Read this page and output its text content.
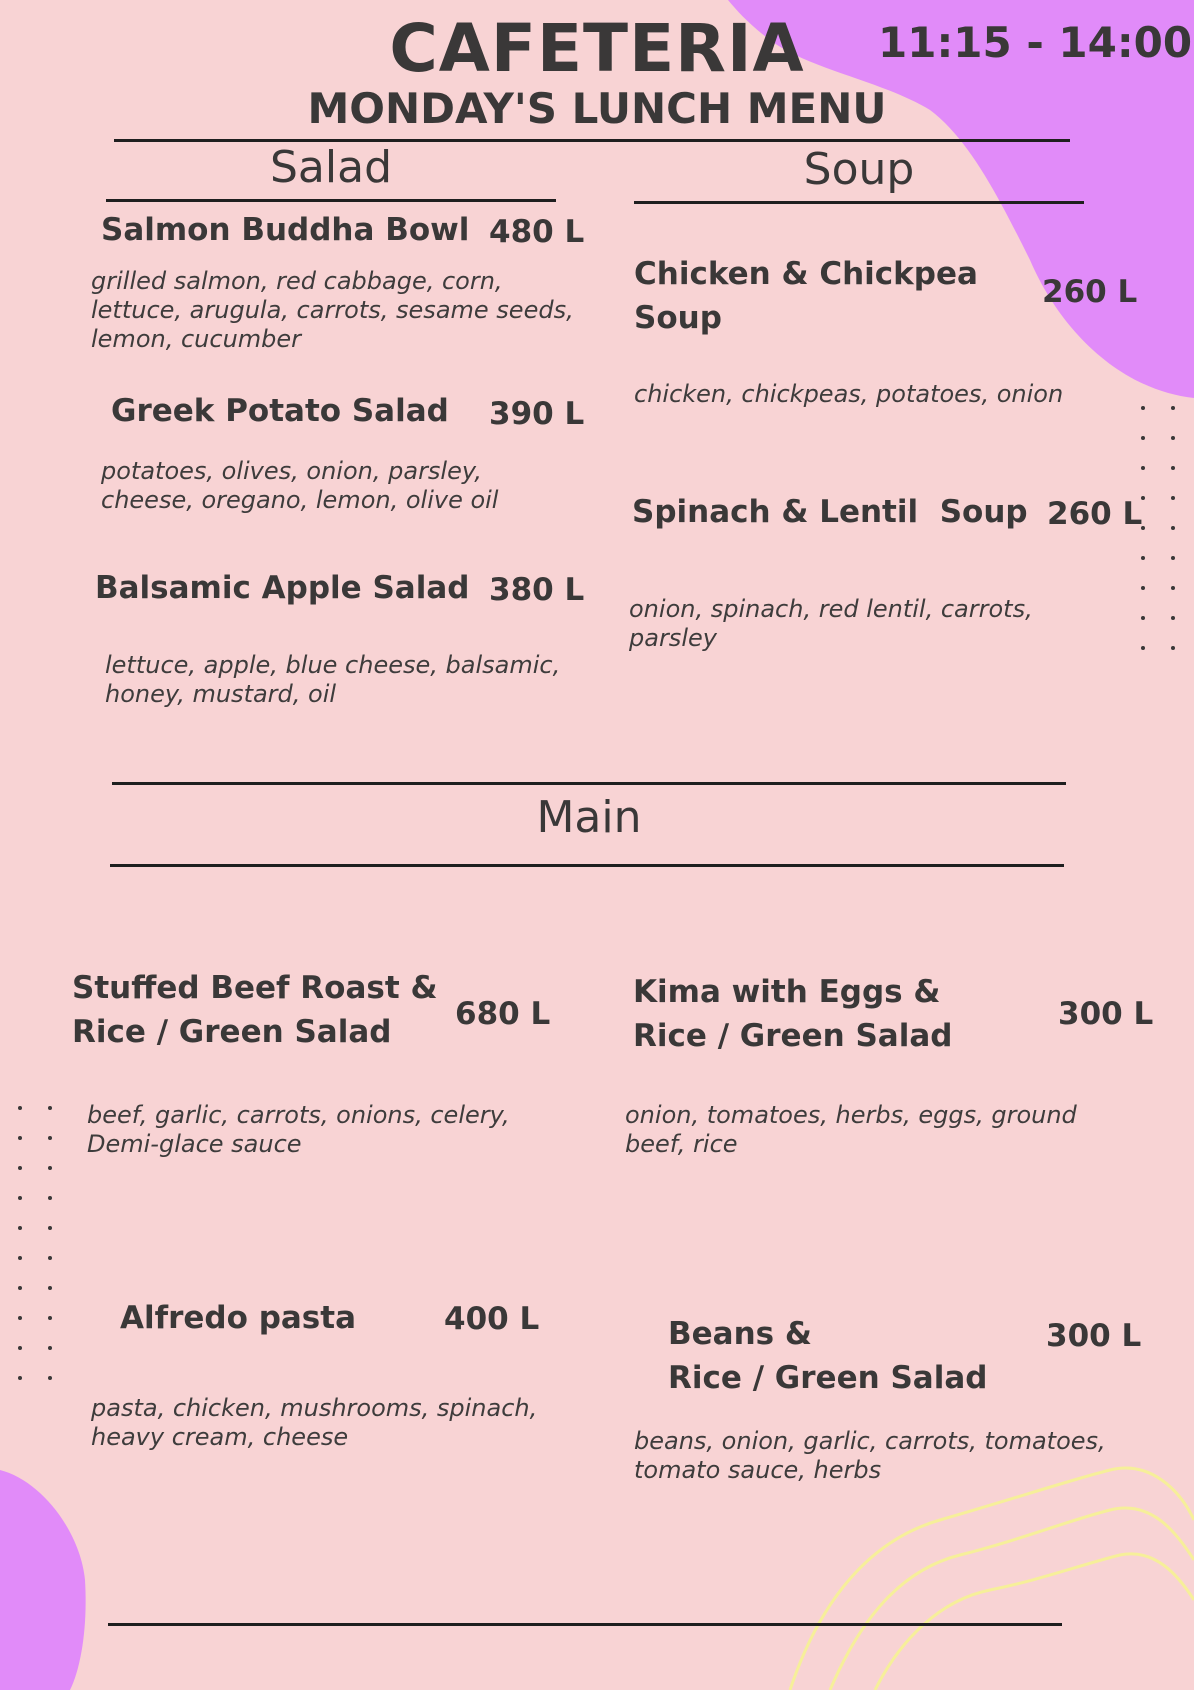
CAFETERIA	11:15 - 14:00
MONDAY'S LUNCH MENU
Salad
Salmon Buddha Bowl 480 L
grilled salmon, red cabbage, corn,
lettuce, arugula, carrots, sesame seeds,
lemon, cucumber
Greek Potato Salad 390 L
potatoes, olives, onion, parsley,
cheese, oregano, lemon, olive oil
Balsamic Apple Salad 380 L
lettuce, apple, blue cheese, balsamic,
honey, mustard, oil
Soup
Chicken & Chickpea
Soup
260 L
chicken, chickpeas, potatoes, onion
Spinach & Lentil  Soup 260 L
onion, spinach, red lentil, carrots,
parsley
Main
Stuffed Beef Roast &
Rice / Green Salad	680 L
beef, garlic, carrots, onions, celery,
Demi-glace sauce
Kima with Eggs &
Rice / Green Salad
300 L
onion, tomatoes, herbs, eggs, ground
beef, rice
Alfredo pasta	400 L
pasta, chicken, mushrooms, spinach,
heavy cream, cheese
Beans &
Rice / Green Salad
300 L
beans, onion, garlic, carrots, tomatoes,
tomato sauce, herbs
